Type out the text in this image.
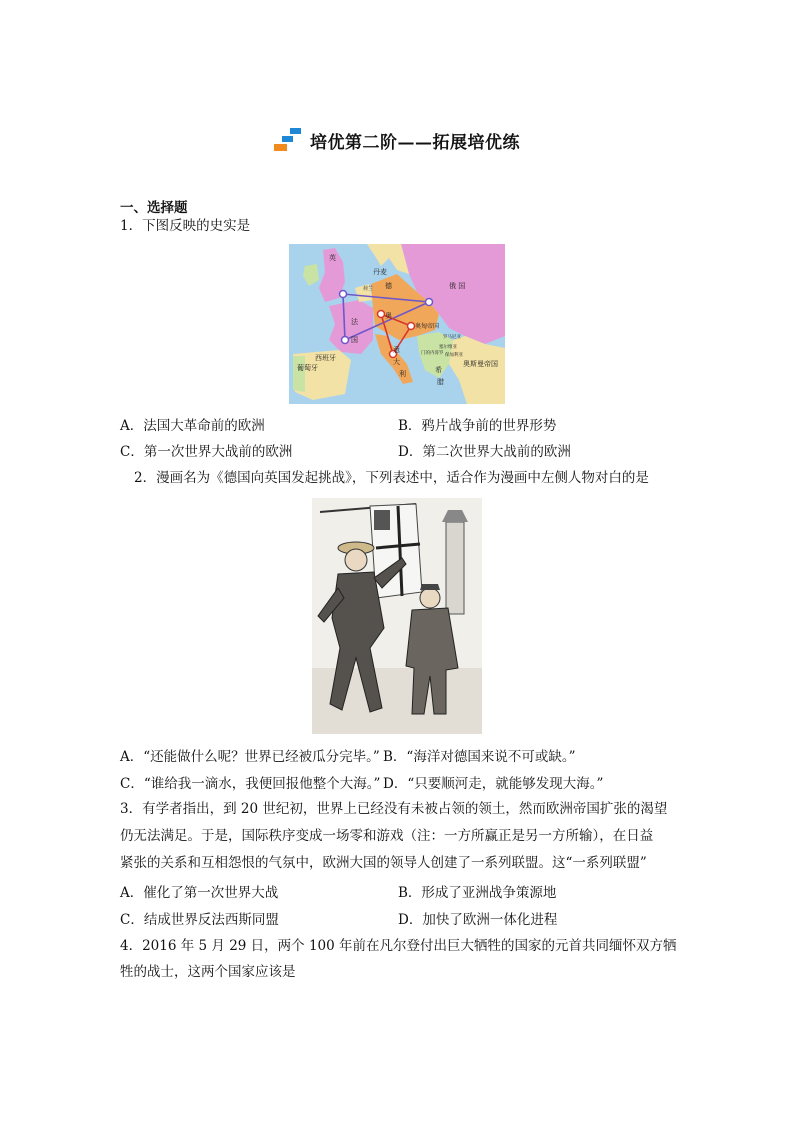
培优第二阶——拓展培优练
一、选择题
1．下图反映的史实是
英
丹麦
荷兰 德	俄 国
法
国
奥
奥匈帝国
葡萄牙
西班牙
意
大
利
罗马尼亚
塞尔维亚
保加利亚
门的内哥罗
希
腊
奥斯曼帝国
A．法国大革命前的欧洲	B．鸦片战争前的世界形势
C．第一次世界大战前的欧洲	D．第二次世界大战前的欧洲
2．漫画名为《德国向英国发起挑战》，下列表述中，适合作为漫画中左侧人物对白的是
A．“还能做什么呢？世界已经被瓜分完毕。” B．“海洋对德国来说不可或缺。”
C．“谁给我一滴水，我便回报他整个大海。” D．“只要顺河走，就能够发现大海。”
3．有学者指出，到 20 世纪初，世界上已经没有未被占领的领土，然而欧洲帝国扩张的渴望
仍无法满足。于是，国际秩序变成一场零和游戏（注：一方所赢正是另一方所输），在日益
紧张的关系和互相怨恨的气氛中，欧洲大国的领导人创建了一系列联盟。这“一系列联盟”
A．催化了第一次世界大战	B．形成了亚洲战争策源地
C．结成世界反法西斯同盟	D．加快了欧洲一体化进程
4．2016 年 5 月 29 日，两个 100 年前在凡尔登付出巨大牺牲的国家的元首共同缅怀双方牺
牲的战士，这两个国家应该是
